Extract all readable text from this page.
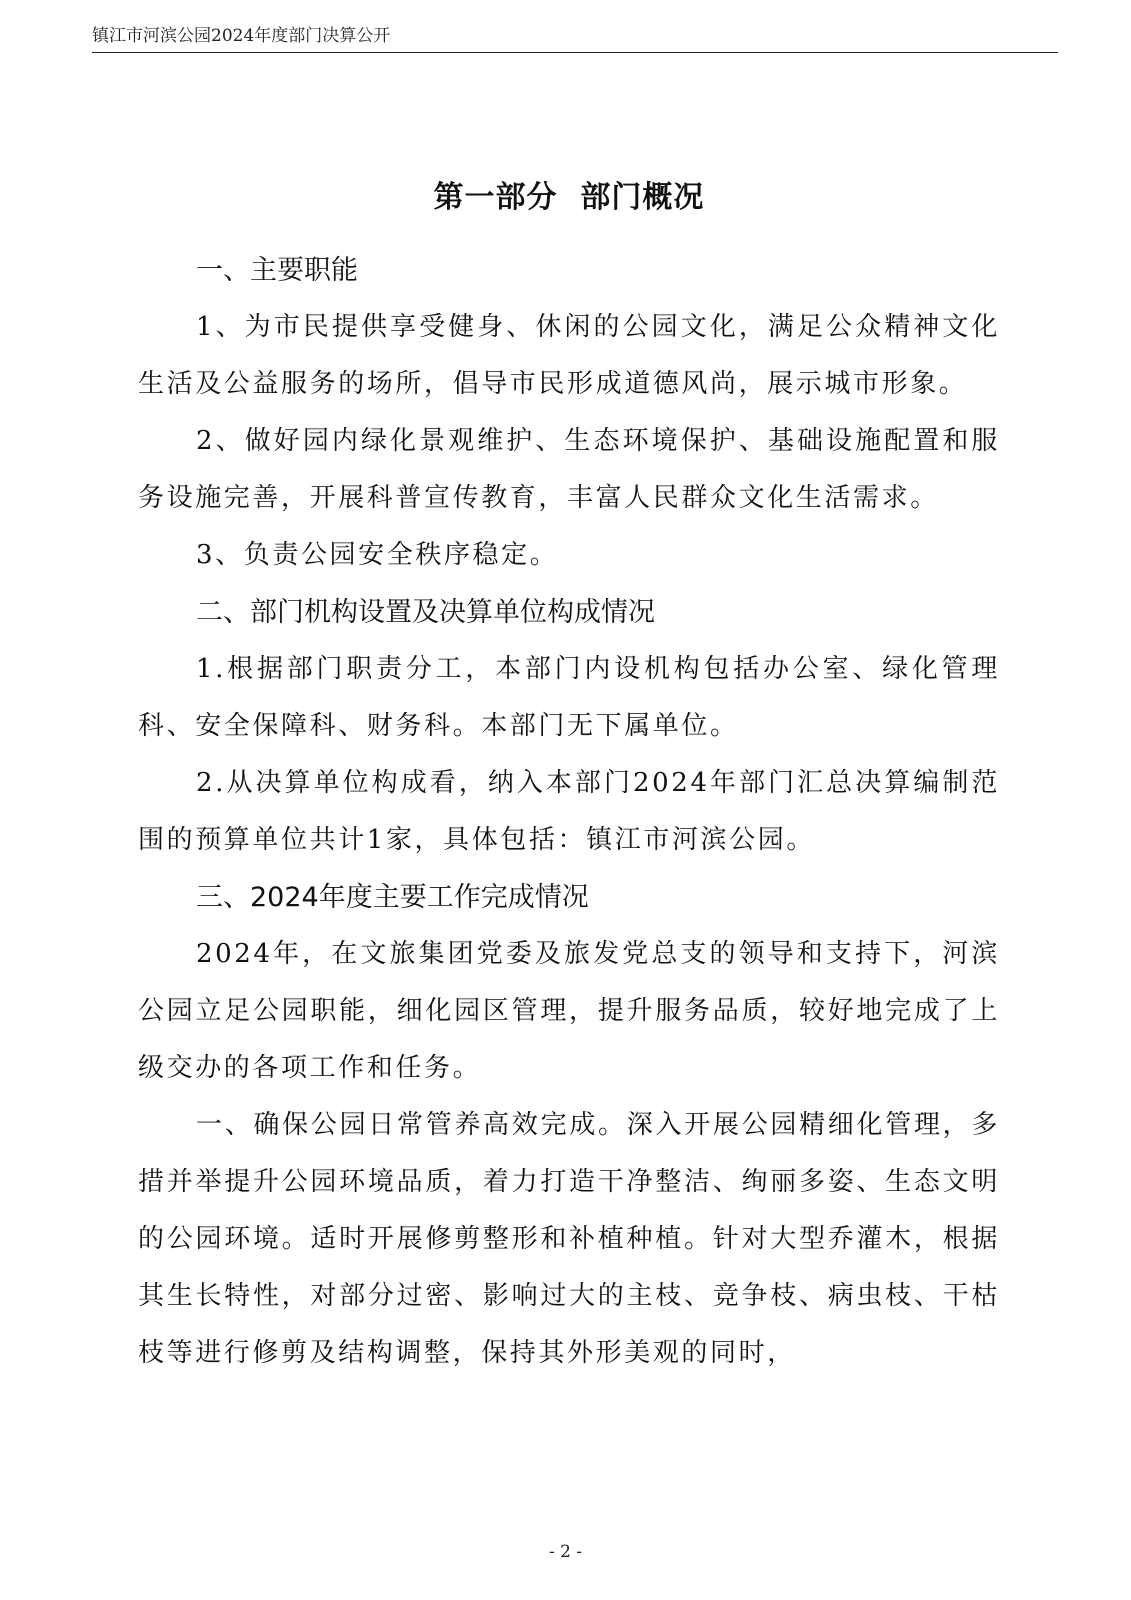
镇江市河滨公园2024年度部门决算公开
第一部分  部门概况
一、主要职能

1、为市民提供享受健身、休闲的公园文化，满足公众精神文化生活及公益服务的场所，倡导市民形成道德风尚，展示城市形象。

2、做好园内绿化景观维护、生态环境保护、基础设施配置和服务设施完善，开展科普宣传教育，丰富人民群众文化生活需求。

3、负责公园安全秩序稳定。

二、部门机构设置及决算单位构成情况

1.根据部门职责分工，本部门内设机构包括办公室、绿化管理科、安全保障科、财务科。本部门无下属单位。

2.从决算单位构成看，纳入本部门2024年部门汇总决算编制范围的预算单位共计1家，具体包括：镇江市河滨公园。

三、2024年度主要工作完成情况

2024年，在文旅集团党委及旅发党总支的领导和支持下，河滨公园立足公园职能，细化园区管理，提升服务品质，较好地完成了上级交办的各项工作和任务。

一、确保公园日常管养高效完成。深入开展公园精细化管理，多措并举提升公园环境品质，着力打造干净整洁、绚丽多姿、生态文明的公园环境。适时开展修剪整形和补植种植。针对大型乔灌木，根据其生长特性，对部分过密、影响过大的主枝、竞争枝、病虫枝、干枯枝等进行修剪及结构调整，保持其外形美观的同时，

- 2 -
